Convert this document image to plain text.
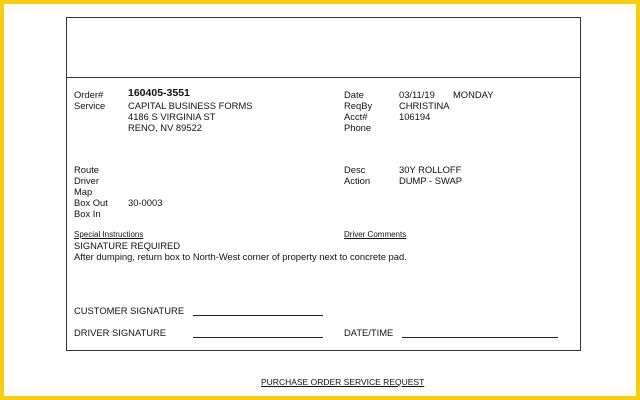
Order# 160405-3551
Service CAPITAL BUSINESS FORMS
4186 S VIRGINIA ST
RENO, NV 89522
Date	03/11/19 MONDAY
ReqBy	CHRISTINA
Acct#	106194
Phone
Route
Driver
Map
Box Out 30-0003
Box In
Desc	30Y ROLLOFF
Action	DUMP - SWAP
Special Instructions	Driver Comments
SIGNATURE REQUIRED
After dumping, return box to North-West corner of property next to concrete pad.
CUSTOMER SIGNATURE
DRIVER SIGNATURE	DATE/TIME
PURCHASE ORDER SERVICE REQUEST
